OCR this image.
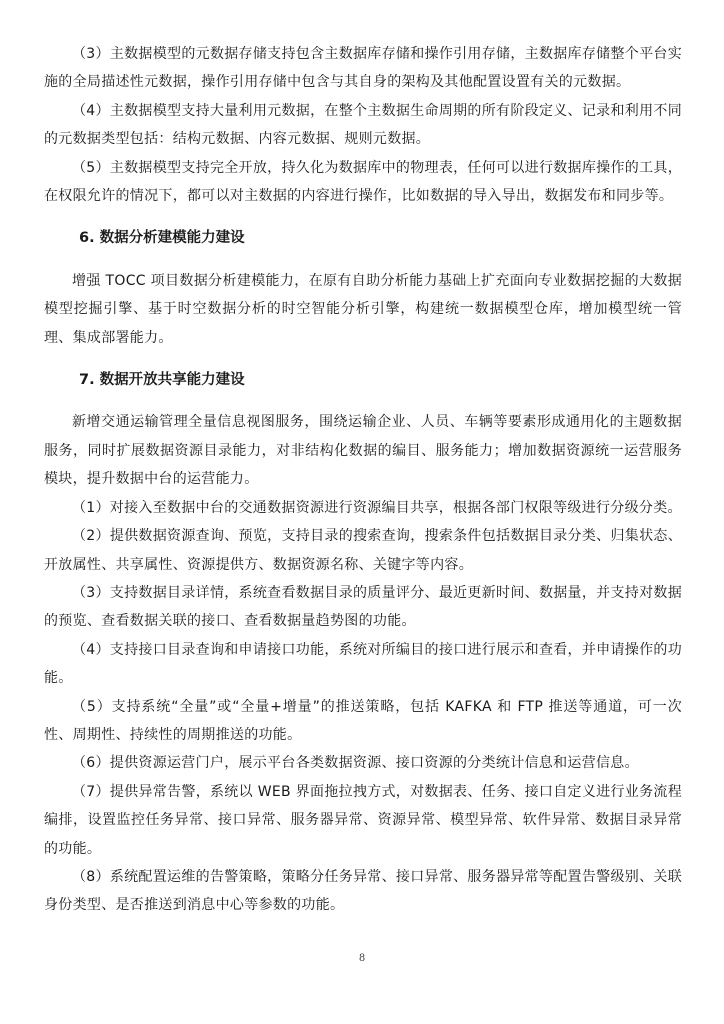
（3）主数据模型的元数据存储支持包含主数据库存储和操作引用存储，主数据库存储整个平台实施的全局描述性元数据，操作引用存储中包含与其自身的架构及其他配置设置有关的元数据。

（4）主数据模型支持大量利用元数据，在整个主数据生命周期的所有阶段定义、记录和利用不同的元数据类型包括：结构元数据、内容元数据、规则元数据。

（5）主数据模型支持完全开放，持久化为数据库中的物理表，任何可以进行数据库操作的工具，在权限允许的情况下，都可以对主数据的内容进行操作，比如数据的导入导出，数据发布和同步等。

6. 数据分析建模能力建设

增强 TOCC 项目数据分析建模能力，在原有自助分析能力基础上扩充面向专业数据挖掘的大数据模型挖掘引擎、基于时空数据分析的时空智能分析引擎，构建统一数据模型仓库，增加模型统一管理、集成部署能力。

7. 数据开放共享能力建设

新增交通运输管理全量信息视图服务，围绕运输企业、人员、车辆等要素形成通用化的主题数据服务，同时扩展数据资源目录能力，对非结构化数据的编目、服务能力；增加数据资源统一运营服务模块，提升数据中台的运营能力。

（1）对接入至数据中台的交通数据资源进行资源编目共享，根据各部门权限等级进行分级分类。

（2）提供数据资源查询、预览，支持目录的搜索查询，搜索条件包括数据目录分类、归集状态、开放属性、共享属性、资源提供方、数据资源名称、关键字等内容。

（3）支持数据目录详情，系统查看数据目录的质量评分、最近更新时间、数据量，并支持对数据的预览、查看数据关联的接口、查看数据量趋势图的功能。

（4）支持接口目录查询和申请接口功能，系统对所编目的接口进行展示和查看，并申请操作的功能。

（5）支持系统“全量”或“全量+增量”的推送策略，包括 KAFKA 和 FTP 推送等通道，可一次性、周期性、持续性的周期推送的功能。

（6）提供资源运营门户，展示平台各类数据资源、接口资源的分类统计信息和运营信息。

（7）提供异常告警，系统以 WEB 界面拖拉拽方式，对数据表、任务、接口自定义进行业务流程编排，设置监控任务异常、接口异常、服务器异常、资源异常、模型异常、软件异常、数据目录异常的功能。

（8）系统配置运维的告警策略，策略分任务异常、接口异常、服务器异常等配置告警级别、关联身份类型、是否推送到消息中心等参数的功能。

8
